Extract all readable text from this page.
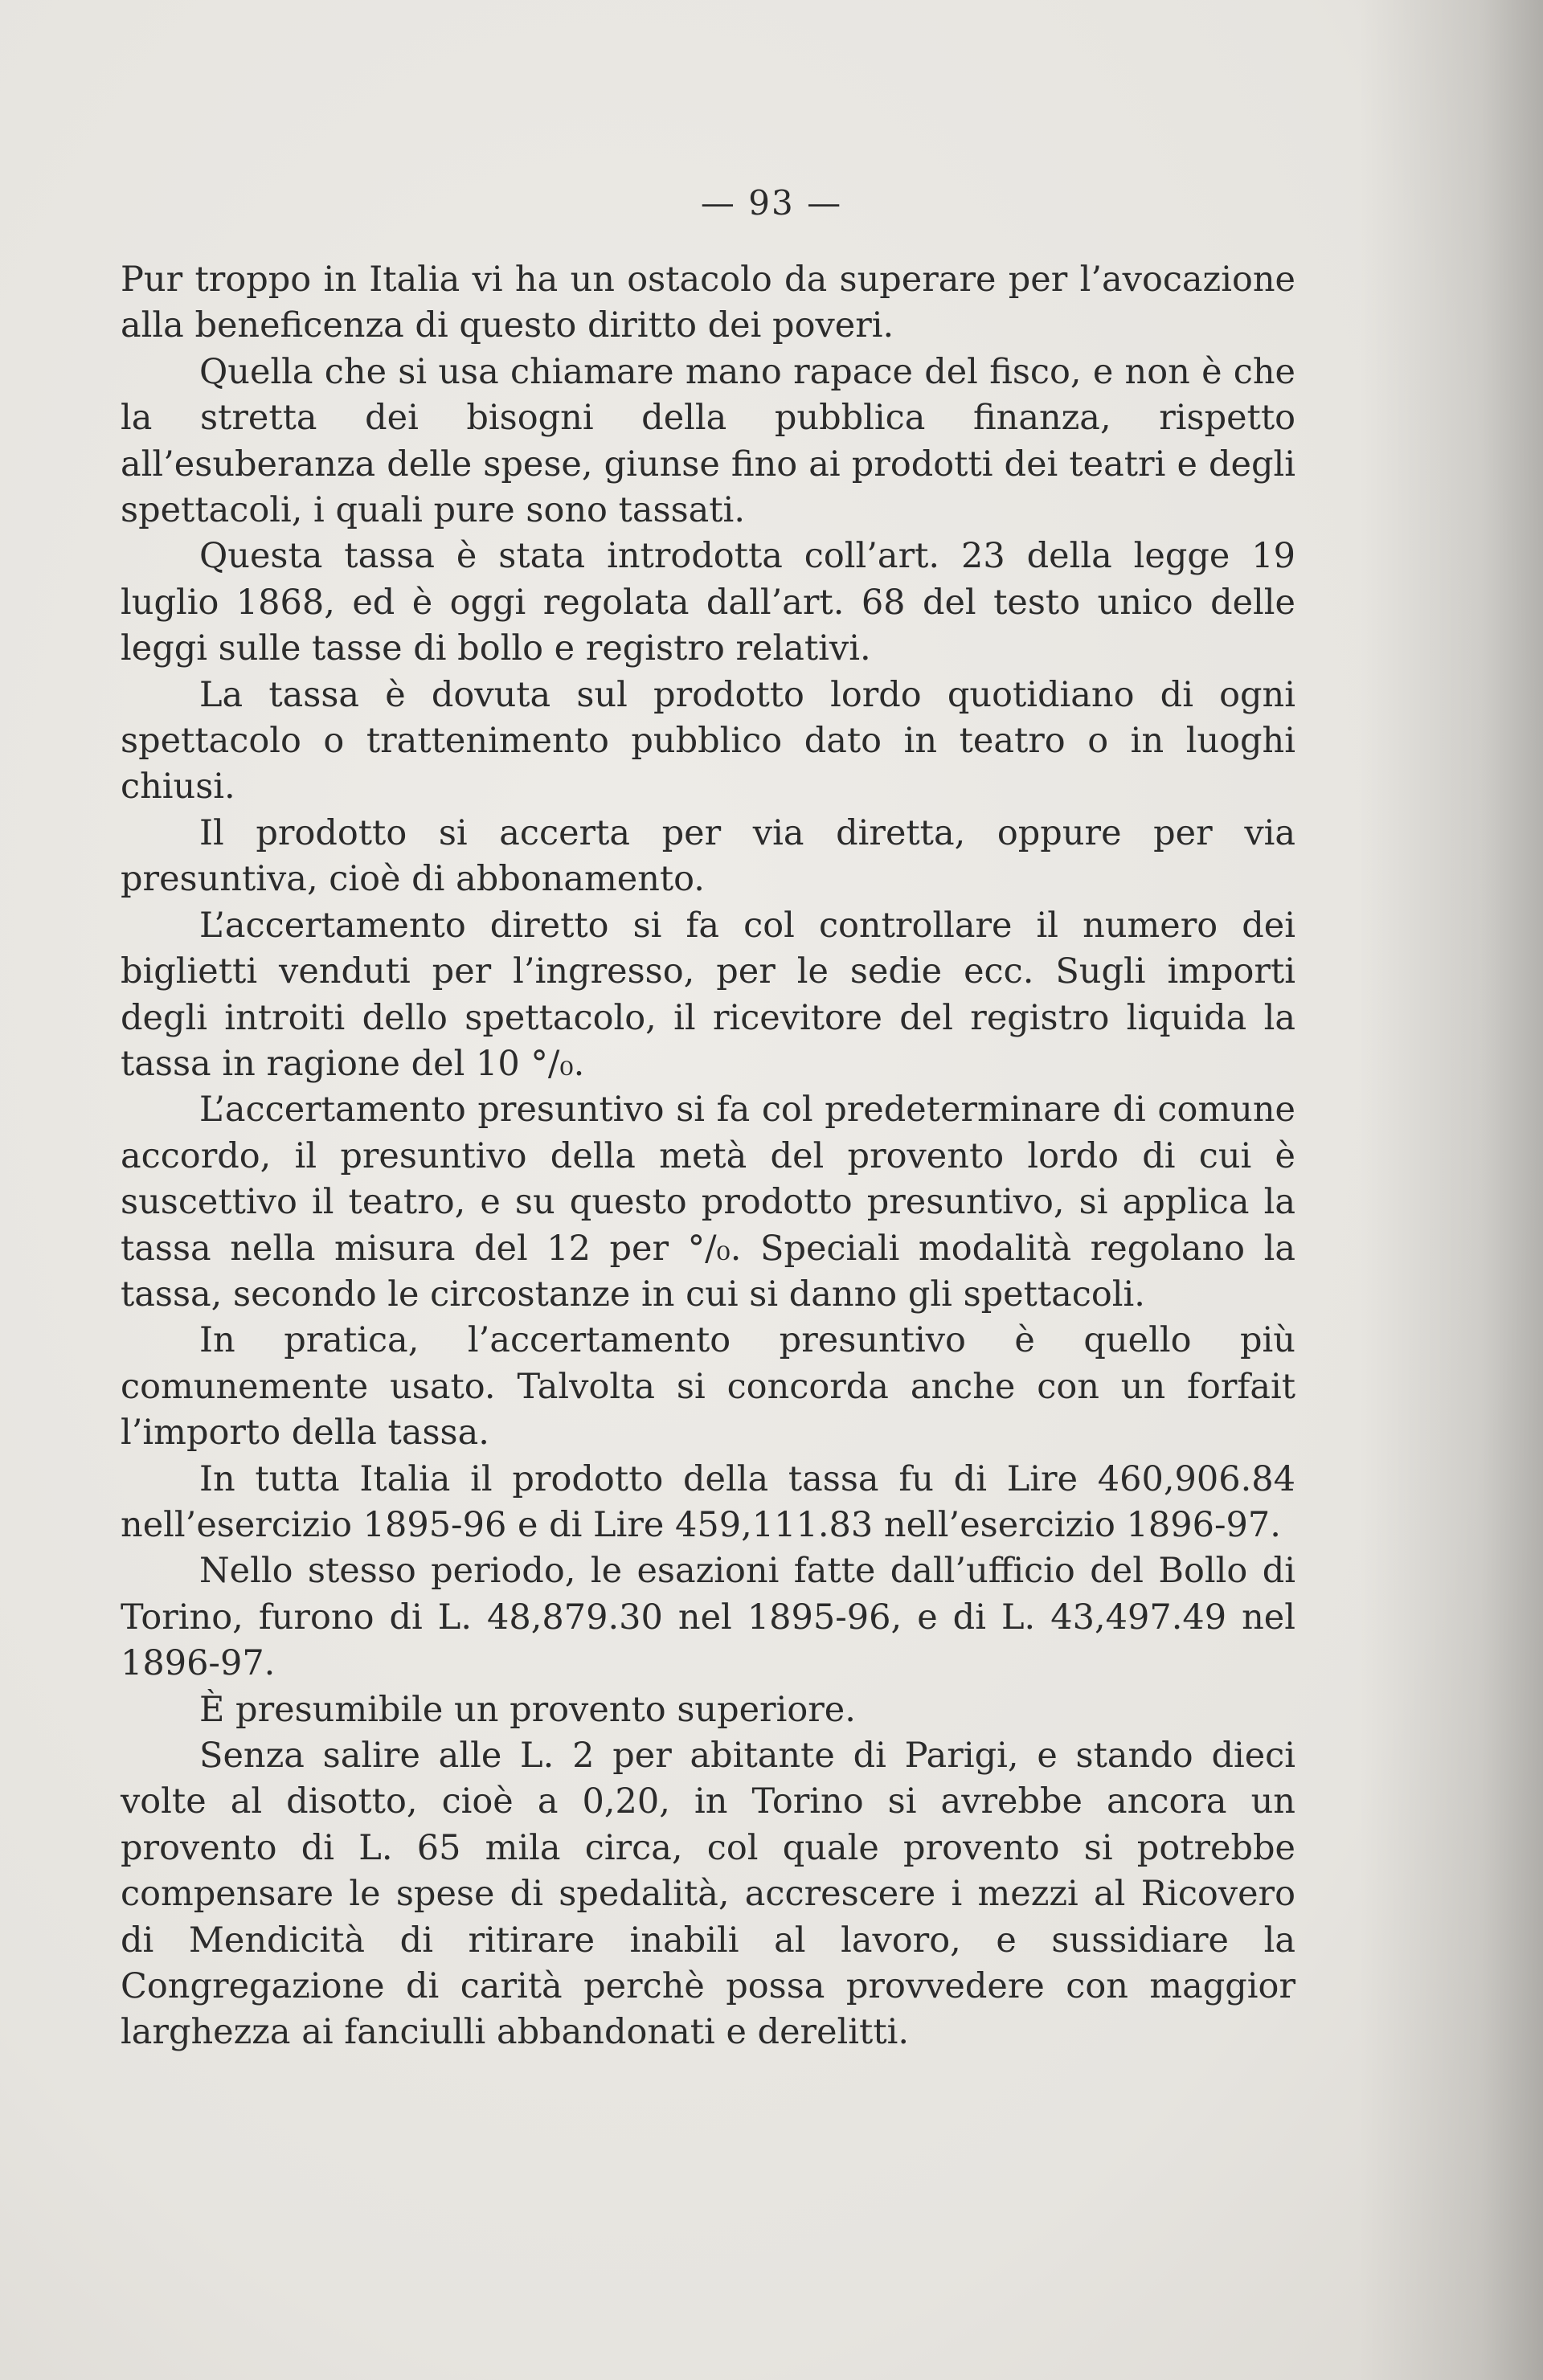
— 93 —

Pur troppo in Italia vi ha un ostacolo da superare per l’avocazione alla beneficenza di questo diritto dei poveri.

Quella che si usa chiamare mano rapace del fisco, e non è che la stretta dei bisogni della pubblica finanza, rispetto all’esuberanza delle spese, giunse fino ai prodotti dei teatri e degli spettacoli, i quali pure sono tassati.

Questa tassa è stata introdotta coll’art. 23 della legge 19 luglio 1868, ed è oggi regolata dall’art. 68 del testo unico delle leggi sulle tasse di bollo e registro relativi.

La tassa è dovuta sul prodotto lordo quotidiano di ogni spettacolo o trattenimento pubblico dato in teatro o in luoghi chiusi.

Il prodotto si accerta per via diretta, oppure per via presuntiva, cioè di abbonamento.

L’accertamento diretto si fa col controllare il numero dei biglietti venduti per l’ingresso, per le sedie ecc. Sugli importi degli introiti dello spettacolo, il ricevitore del registro liquida la tassa in ragione del 10 °/₀.

L’accertamento presuntivo si fa col predeterminare di comune accordo, il presuntivo della metà del provento lordo di cui è suscettivo il teatro, e su questo prodotto presuntivo, si applica la tassa nella misura del 12 per °/₀. Speciali modalità regolano la tassa, secondo le circostanze in cui si danno gli spettacoli.

In pratica, l’accertamento presuntivo è quello più comunemente usato. Talvolta si concorda anche con un forfait l’importo della tassa.

In tutta Italia il prodotto della tassa fu di Lire 460,906.84 nell’esercizio 1895-96 e di Lire 459,111.83 nell’esercizio 1896-97.

Nello stesso periodo, le esazioni fatte dall’ufficio del Bollo di Torino, furono di L. 48,879.30 nel 1895-96, e di L. 43,497.49 nel 1896-97.

È presumibile un provento superiore.

Senza salire alle L. 2 per abitante di Parigi, e stando dieci volte al disotto, cioè a 0,20, in Torino si avrebbe ancora un provento di L. 65 mila circa, col quale provento si potrebbe compensare le spese di spedalità, accrescere i mezzi al Ricovero di Mendicità di ritirare inabili al lavoro, e sussidiare la Congregazione di carità perchè possa provvedere con maggior larghezza ai fanciulli abbandonati e derelitti.
